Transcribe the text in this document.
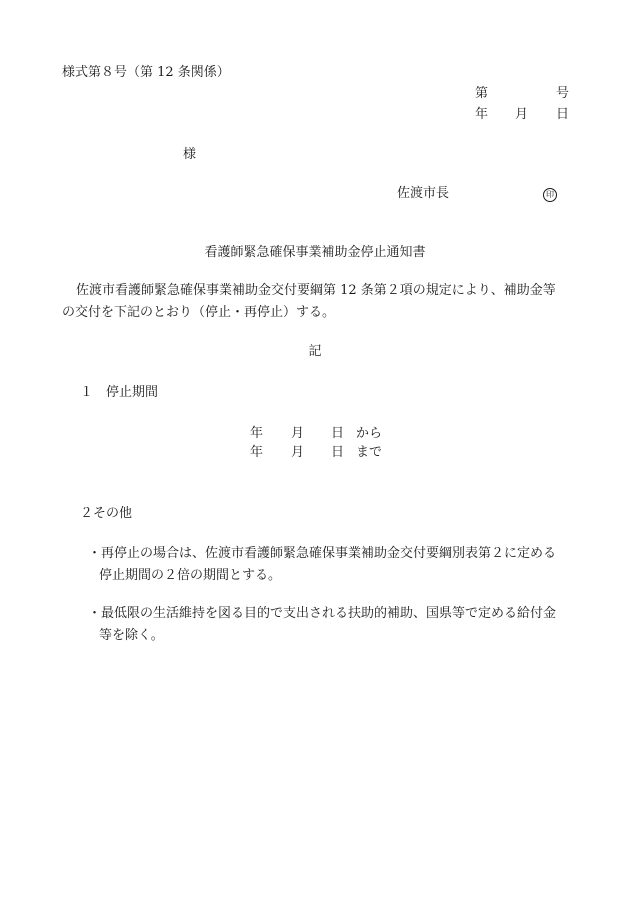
様式第８号（第 12 条関係）
第	号
年 月 日
様
佐渡市長	印
看護師緊急確保事業補助金停止通知書
佐渡市看護師緊急確保事業補助金交付要綱第 12 条第２項の規定により、補助金等
の交付を下記のとおり（停止・再停止）する。
記
１　停止期間
年 月 日 から
年 月 日 まで
２その他
・再停止の場合は、佐渡市看護師緊急確保事業補助金交付要綱別表第２に定める
停止期間の２倍の期間とする。
・最低限の生活維持を図る目的で支出される扶助的補助、国県等で定める給付金
等を除く。
